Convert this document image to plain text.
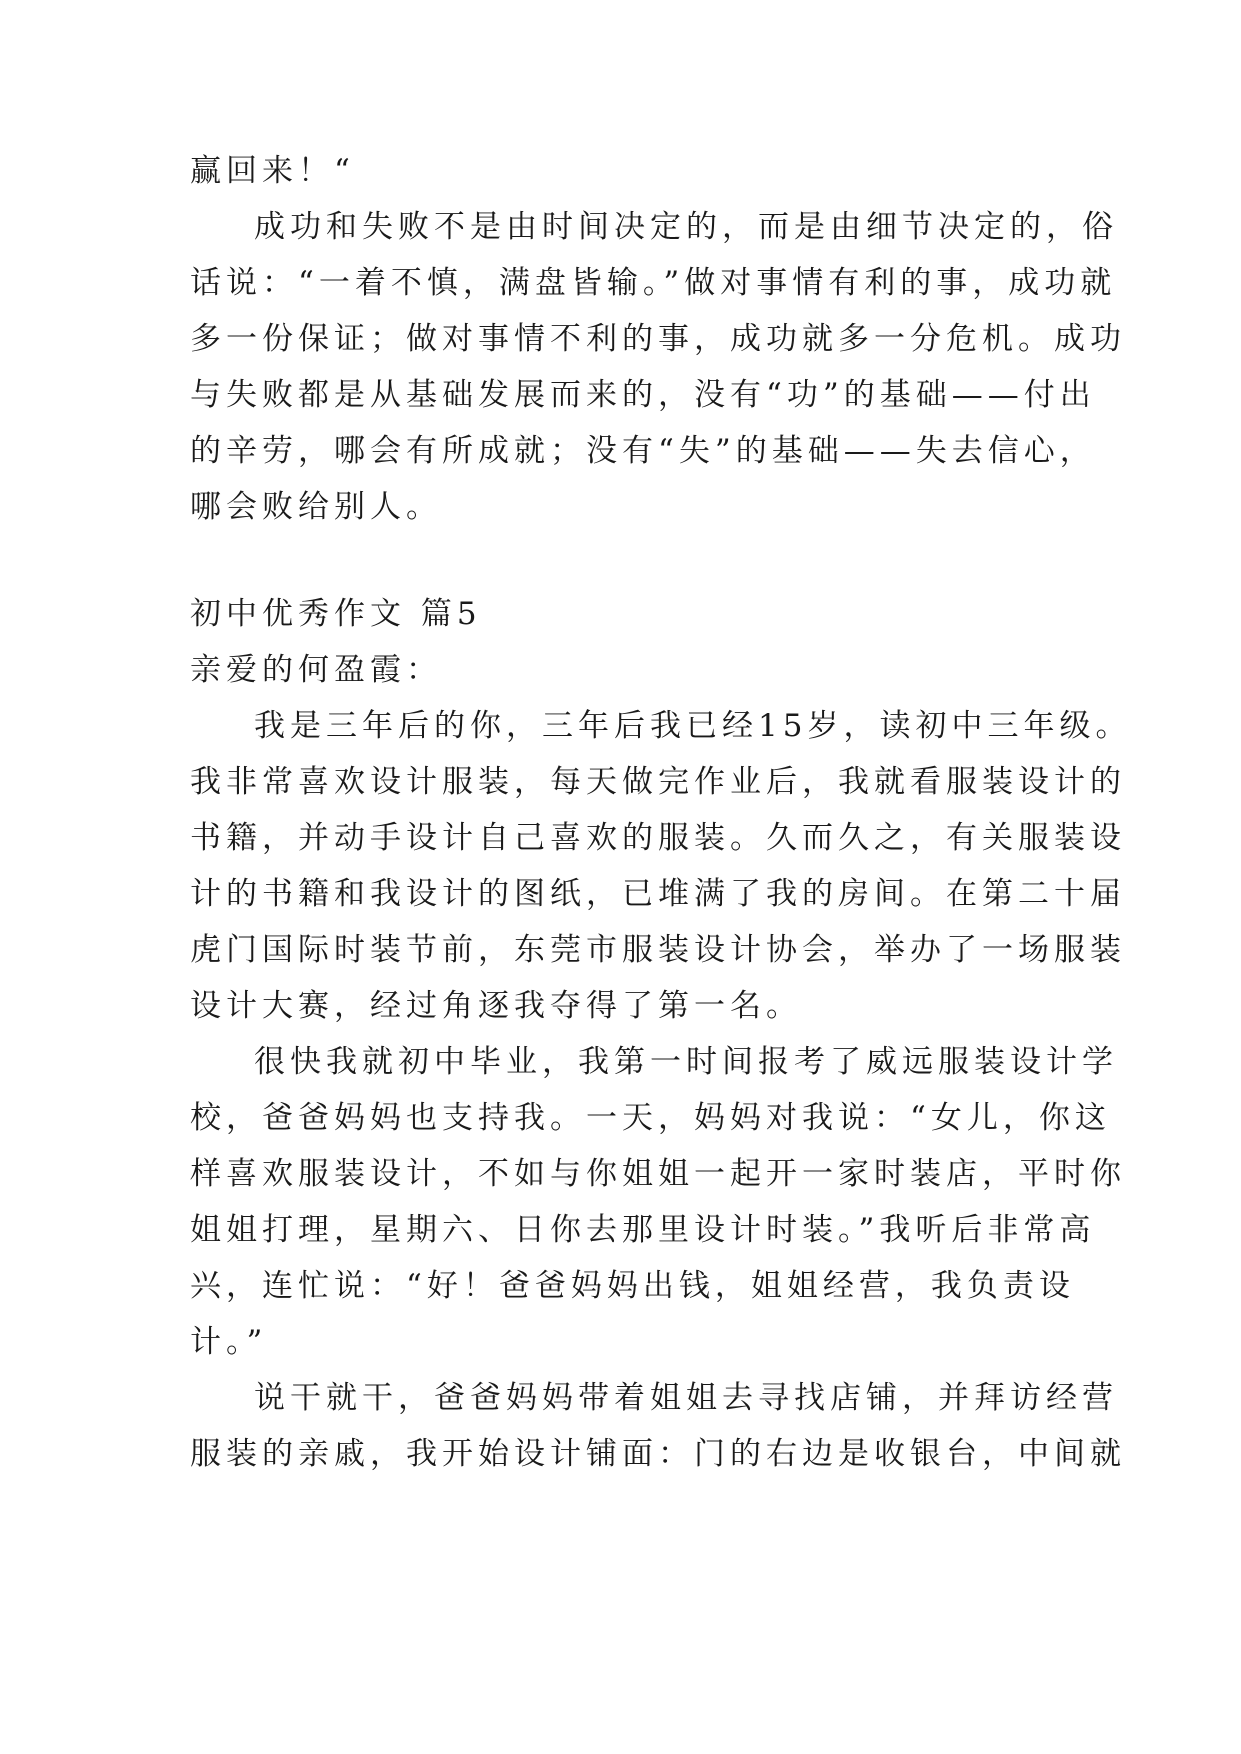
赢回来！“
成功和失败不是由时间决定的，而是由细节决定的，俗
话说：“一着不慎，满盘皆输。”做对事情有利的事，成功就
多一份保证；做对事情不利的事，成功就多一分危机。成功
与失败都是从基础发展而来的，没有“功”的基础——付出
的辛劳，哪会有所成就；没有“失”的基础——失去信心，
哪会败给别人。
初中优秀作文 篇5
亲爱的何盈霞：
我是三年后的你，三年后我已经15岁，读初中三年级。
我非常喜欢设计服装，每天做完作业后，我就看服装设计的
书籍，并动手设计自己喜欢的服装。久而久之，有关服装设
计的书籍和我设计的图纸，已堆满了我的房间。在第二十届
虎门国际时装节前，东莞市服装设计协会，举办了一场服装
设计大赛，经过角逐我夺得了第一名。
很快我就初中毕业，我第一时间报考了威远服装设计学
校，爸爸妈妈也支持我。一天，妈妈对我说：“女儿，你这
样喜欢服装设计，不如与你姐姐一起开一家时装店，平时你
姐姐打理，星期六、日你去那里设计时装。”我听后非常高
兴，连忙说：“好！爸爸妈妈出钱，姐姐经营，我负责设
计。”
说干就干，爸爸妈妈带着姐姐去寻找店铺，并拜访经营
服装的亲戚，我开始设计铺面：门的右边是收银台，中间就
